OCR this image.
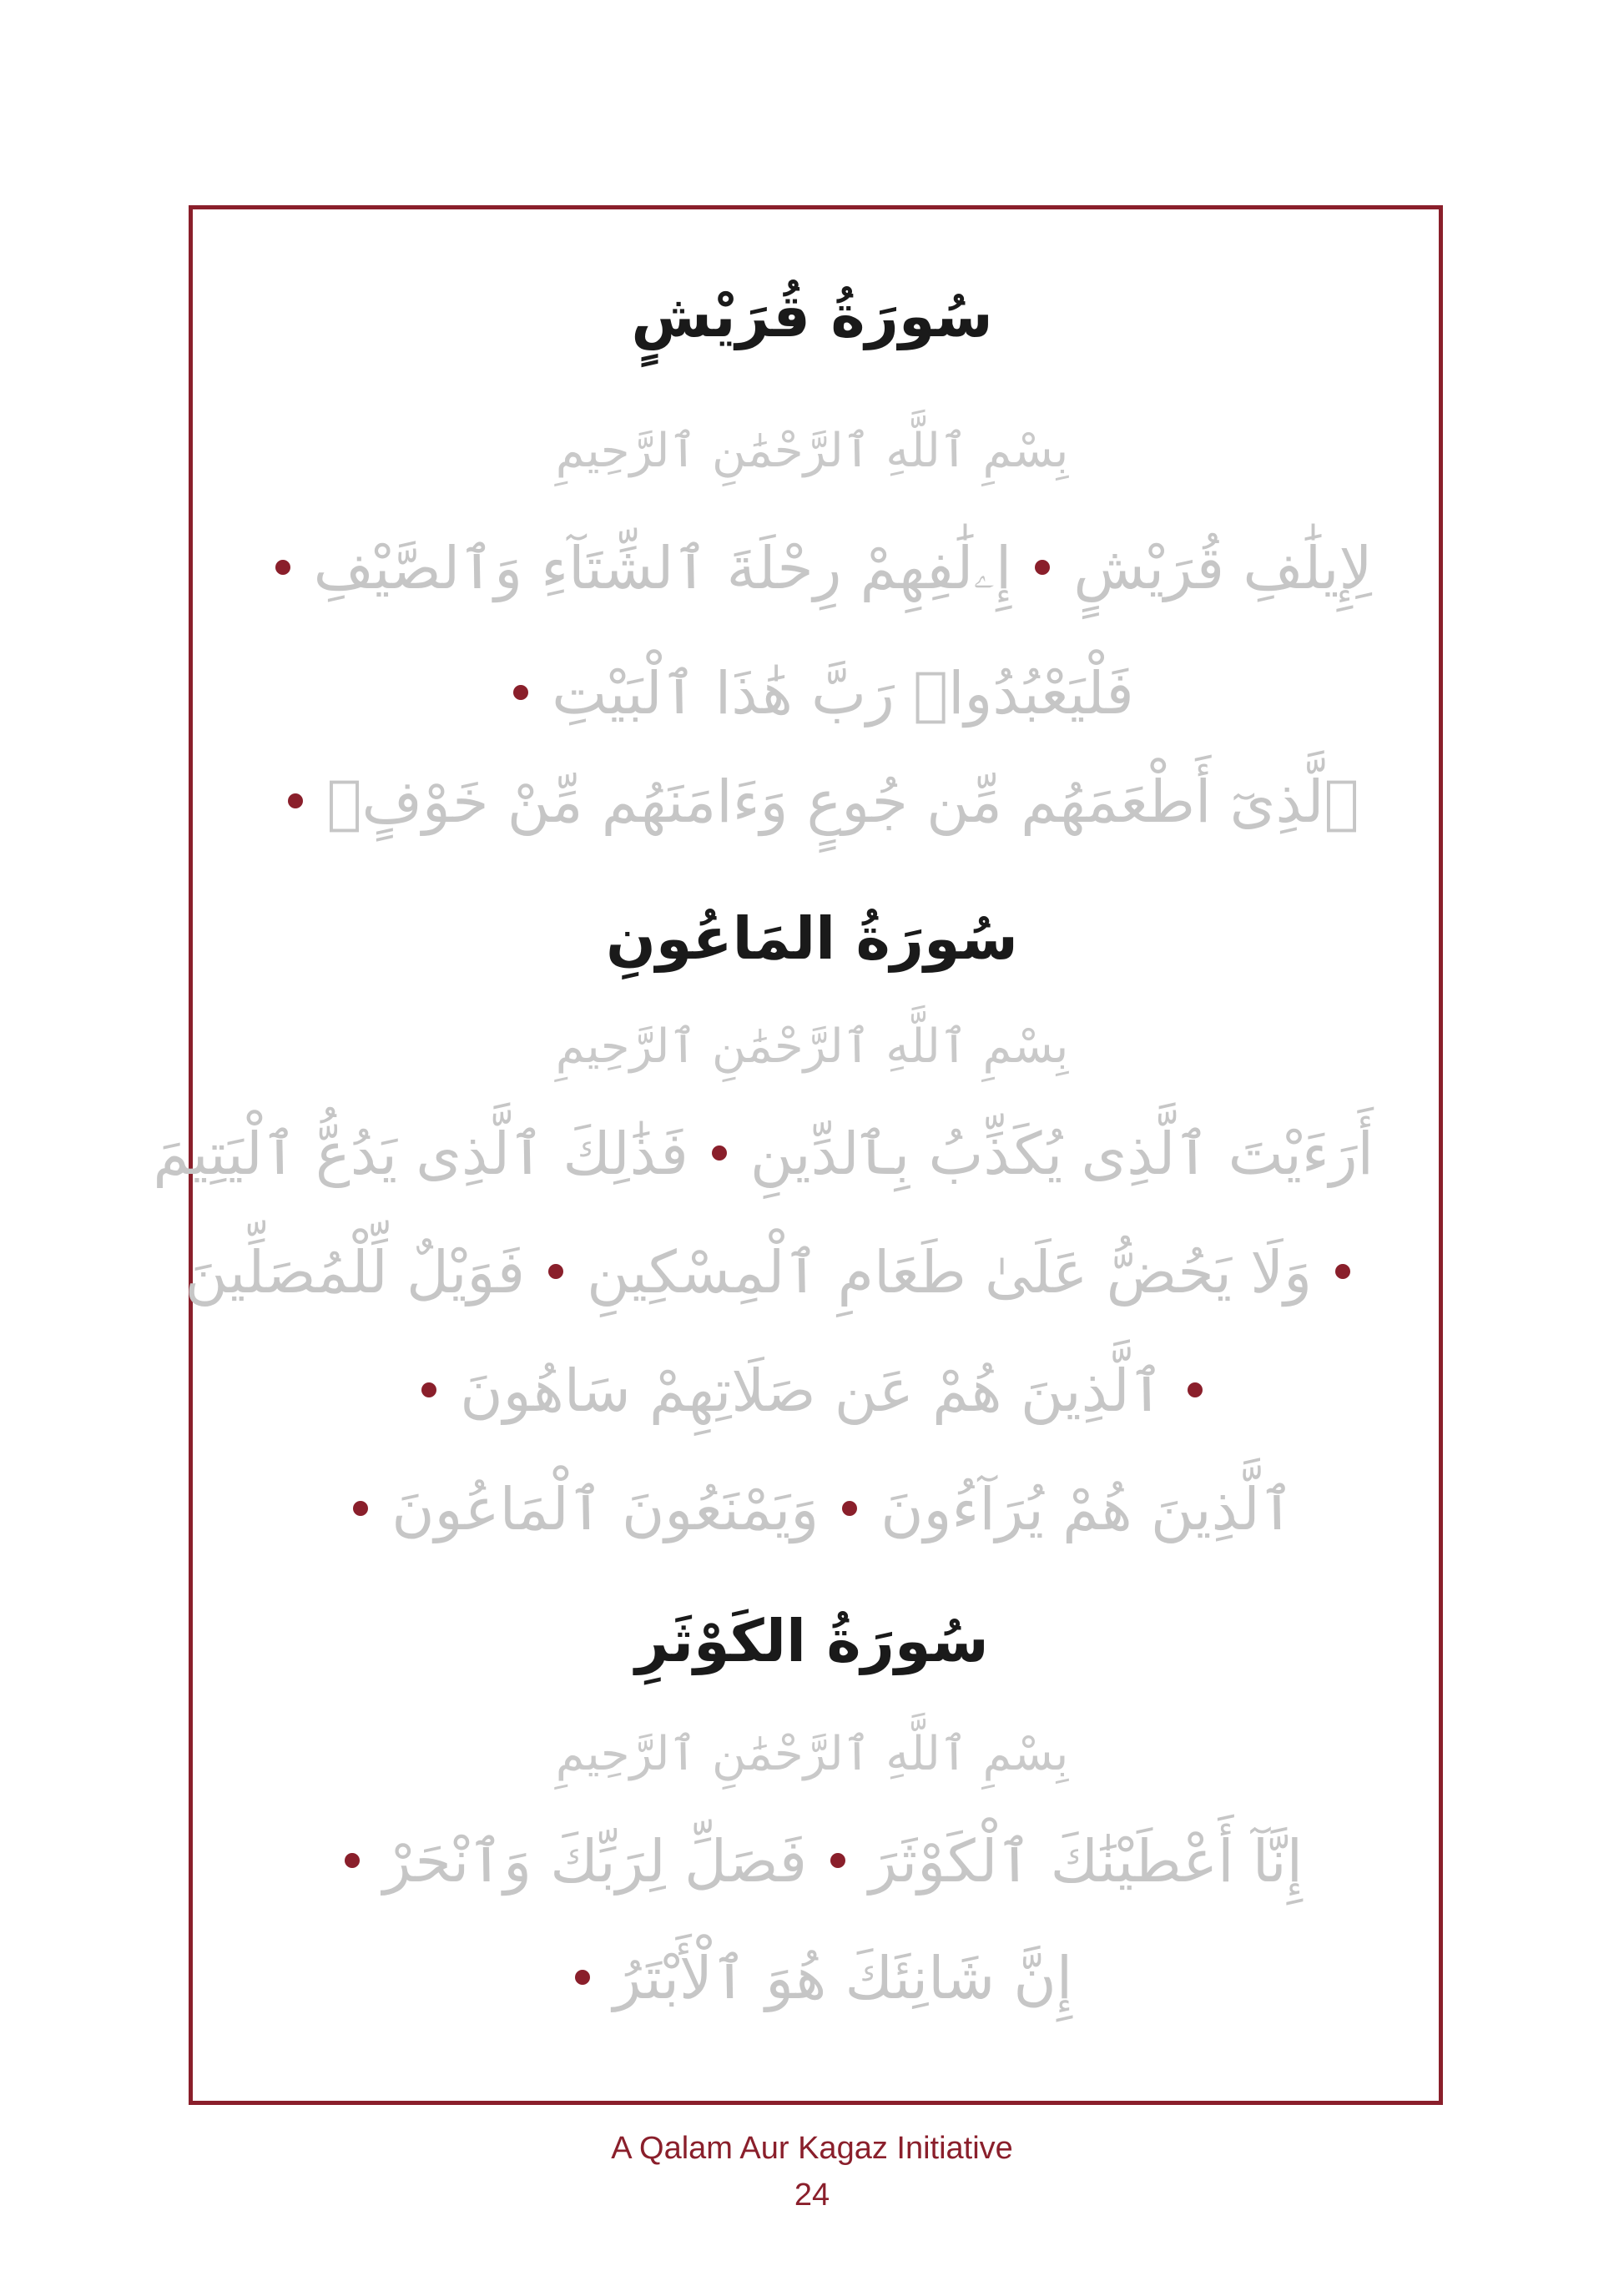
سُورَةُ قُرَيْشٍ
بِسْمِ ٱللَّهِ ٱلرَّحْمَٰنِ ٱلرَّحِيمِ
لِإِيلَٰفِ قُرَيْشٍإِۦلَٰفِهِمْ رِحْلَةَ ٱلشِّتَآءِ وَٱلصَّيْفِ
فَلْيَعْبُدُوا۟ رَبَّ هَٰذَا ٱلْبَيْتِ
ٱلَّذِىٓ أَطْعَمَهُم مِّن جُوعٍ وَءَامَنَهُم مِّنْ خَوْفٍۭ
سُورَةُ المَاعُونِ
بِسْمِ ٱللَّهِ ٱلرَّحْمَٰنِ ٱلرَّحِيمِ
أَرَءَيْتَ ٱلَّذِى يُكَذِّبُ بِٱلدِّينِفَذَٰلِكَ ٱلَّذِى يَدُعُّ ٱلْيَتِيمَ
وَلَا يَحُضُّ عَلَىٰ طَعَامِ ٱلْمِسْكِينِفَوَيْلٌ لِّلْمُصَلِّينَ
ٱلَّذِينَ هُمْ عَن صَلَاتِهِمْ سَاهُونَ
ٱلَّذِينَ هُمْ يُرَآءُونَوَيَمْنَعُونَ ٱلْمَاعُونَ
سُورَةُ الكَوْثَرِ
بِسْمِ ٱللَّهِ ٱلرَّحْمَٰنِ ٱلرَّحِيمِ
إِنَّآ أَعْطَيْنَٰكَ ٱلْكَوْثَرَفَصَلِّ لِرَبِّكَ وَٱنْحَرْ
إِنَّ شَانِئَكَ هُوَ ٱلْأَبْتَرُ
A Qalam Aur Kagaz Initiative
24
